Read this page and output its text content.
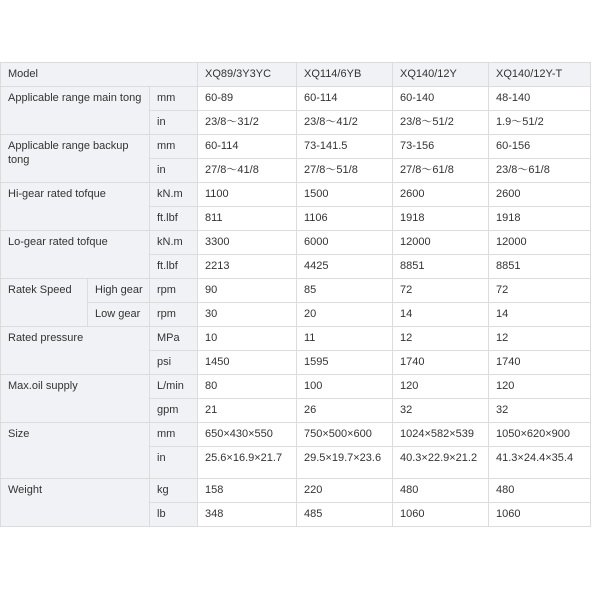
Model			XQ89/3Y3YC	XQ114/6YB	XQ140/12Y	XQ140/12Y-T
Applicable range main tong		mm	60-89	60-114	60-140	48-140
		in	23/8～31/2	23/8～41/2	23/8～51/2	1.9～51/2
Applicable range backup tong		mm	60-114	73-141.5	73-156	60-156
		in	27/8～41/8	27/8～51/8	27/8～61/8	23/8～61/8
Hi-gear rated tofque		kN.m	1100	1500	2600	2600
		ft.lbf	811	1106	1918	1918
Lo-gear rated tofque		kN.m	3300	6000	12000	12000
		ft.lbf	2213	4425	8851	8851
Ratek Speed	High gear	rpm	90	85	72	72
	Low gear	rpm	30	20	14	14
Rated pressure		MPa	10	11	12	12
		psi	1450	1595	1740	1740
Max.oil supply		L/min	80	100	120	120
		gpm	21	26	32	32
Size		mm	650×430×550	750×500×600	1024×582×539	1050×620×900
		in	25.6×16.9×21.7	29.5×19.7×23.6	40.3×22.9×21.2	41.3×24.4×35.4
Weight		kg	158	220	480	480
		lb	348	485	1060	1060
